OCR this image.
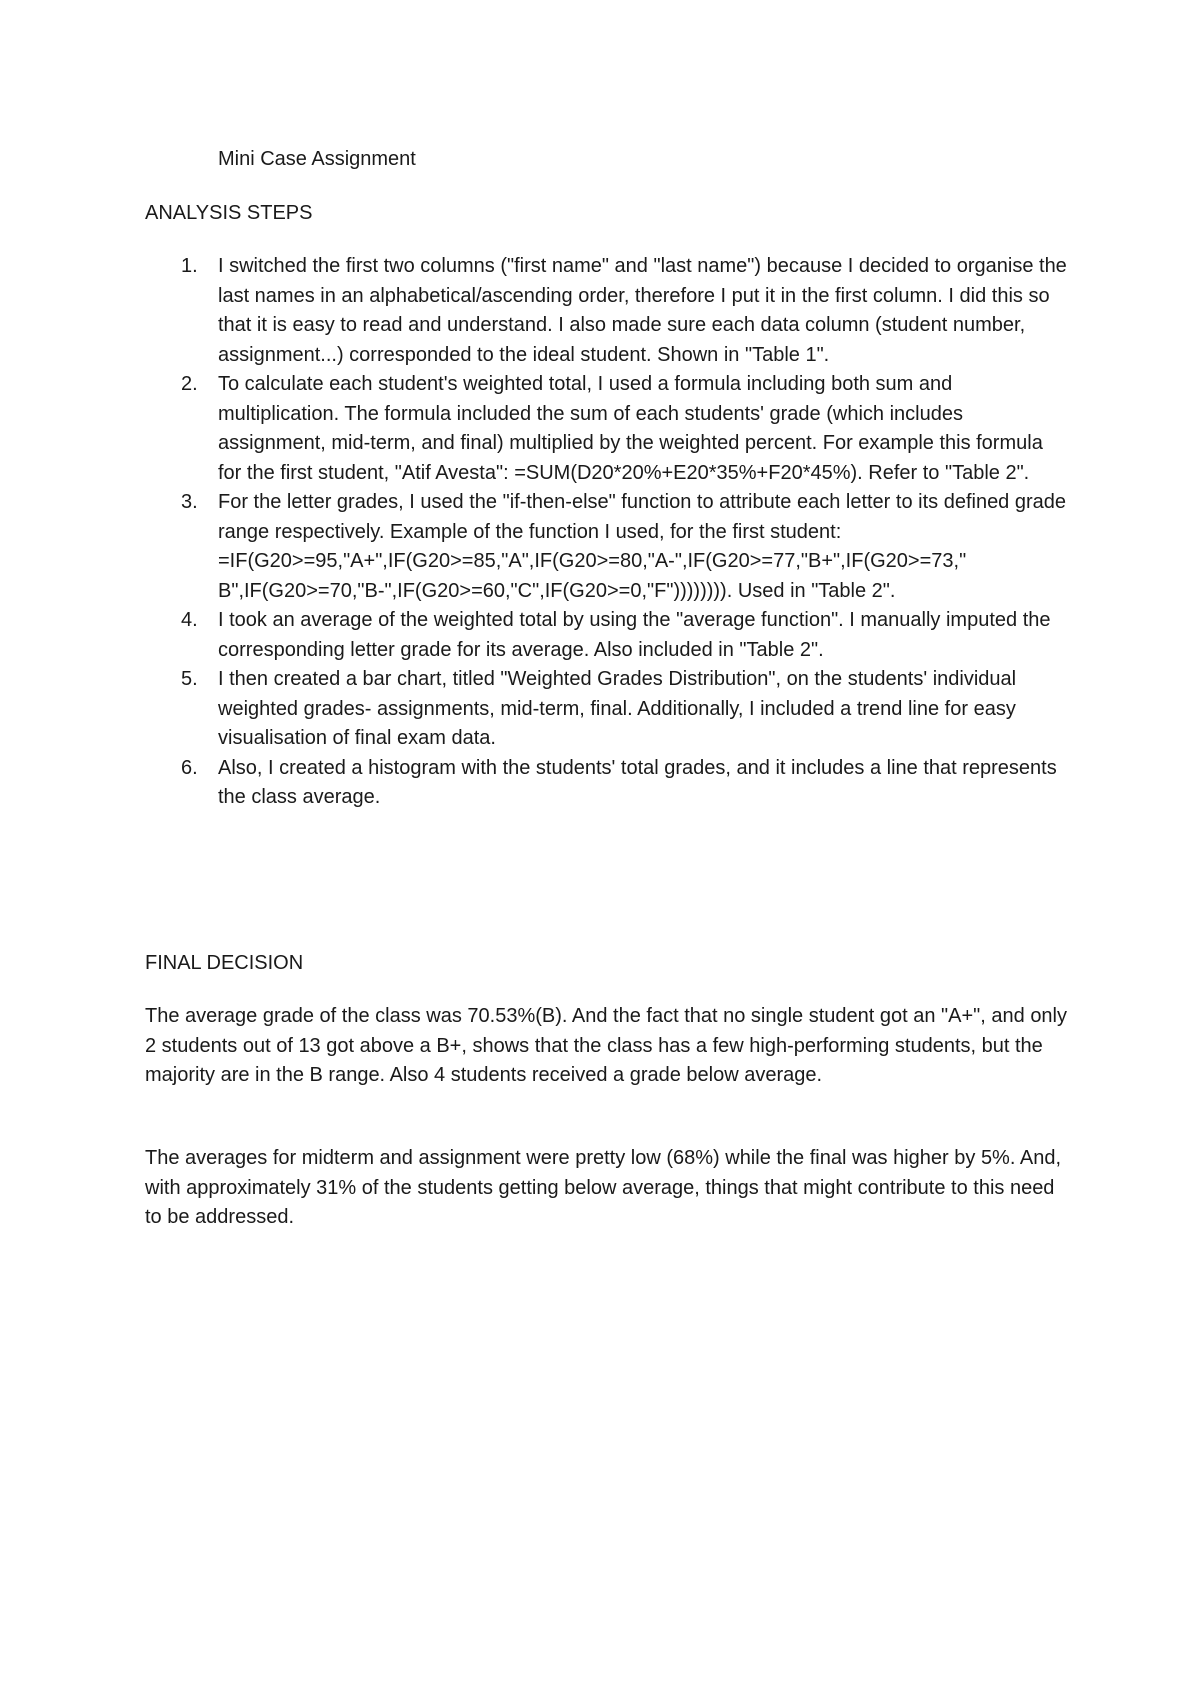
Mini Case Assignment
ANALYSIS STEPS
1.	I switched the first two columns ("first name" and "last name") because I decided to organise the last names in an alphabetical/ascending order, therefore I put it in the first column. I did this so that it is easy to read and understand. I also made sure each data column (student number, assignment...) corresponded to the ideal student. Shown in "Table 1".
2.	To calculate each student's weighted total, I used a formula including both sum and multiplication. The formula included the sum of each students' grade (which includes assignment, mid-term, and final) multiplied by the weighted percent. For example this formula for the first student, "Atif Avesta": =SUM(D20*20%+E20*35%+F20*45%). Refer to "Table 2".
3.	For the letter grades, I used the "if-then-else" function to attribute each letter to its defined grade range respectively. Example of the function I used, for the first student: =IF(G20>=95,"A+",IF(G20>=85,"A",IF(G20>=80,"A-",IF(G20>=77,"B+",IF(G20>=73," B",IF(G20>=70,"B-",IF(G20>=60,"C",IF(G20>=0,"F")))))))). Used in "Table 2".
4.	I took an average of the weighted total by using the "average function". I manually imputed the corresponding letter grade for its average. Also included in "Table 2".
5.	I then created a bar chart, titled "Weighted Grades Distribution", on the students' individual weighted grades- assignments, mid-term, final. Additionally, I included a trend line for easy visualisation of final exam data.
6.	Also, I created a histogram with the students' total grades, and it includes a line that represents the class average.
FINAL DECISION

The average grade of the class was 70.53%(B). And the fact that no single student got an "A+", and only 2 students out of 13 got above a B+, shows that the class has a few high-performing students, but the majority are in the B range. Also 4 students received a grade below average.

The averages for midterm and assignment were pretty low (68%) while the final was higher by 5%. And, with approximately 31% of the students getting below average, things that might contribute to this need to be addressed.
